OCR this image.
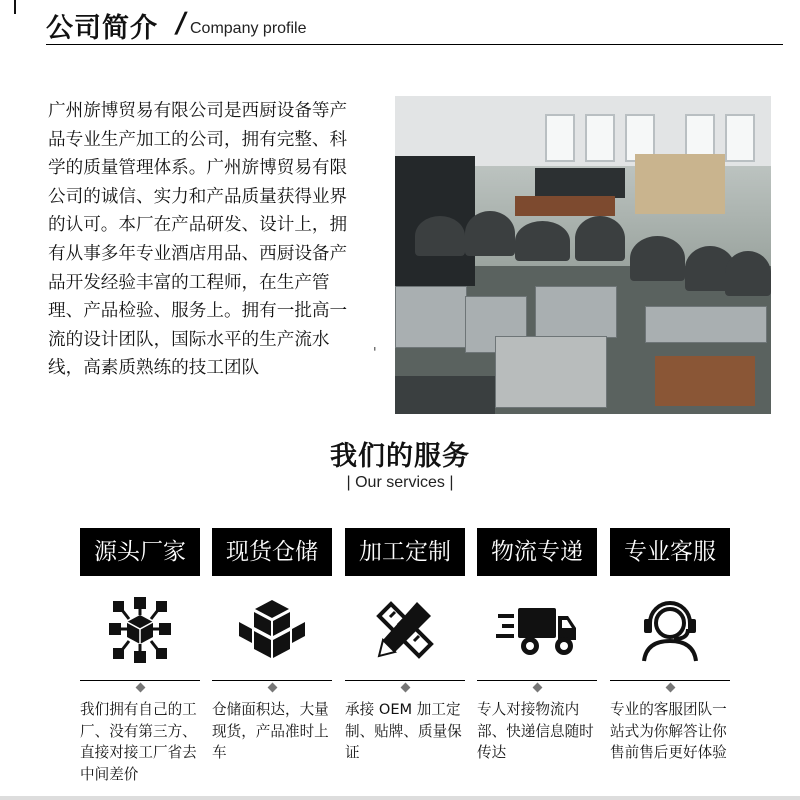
公司简介 / Company profile
广州旂博贸易有限公司是西厨设备等产品专业生产加工的公司，拥有完整、科学的质量管理体系。广州旂博贸易有限公司的诚信、实力和产品质量获得业界的认可。本厂在产品研发、设计上，拥有从事多年专业酒店用品、西厨设备产品开发经验丰富的工程师，在生产管理、产品检验、服务上。拥有一批高一流的设计团队，国际水平的生产流水线，高素质熟练的技工团队
'
我们的服务
| Our services |
源头厂家
我们拥有自己的工厂、没有第三方、直接对接工厂省去中间差价
现货仓储
仓储面积达，大量现货，产品准时上车
加工定制
承接 OEM 加工定制、贴牌、质量保证
物流专递
专人对接物流内部、快递信息随时传达
专业客服
专业的客服团队一站式为你解答让你售前售后更好体验
